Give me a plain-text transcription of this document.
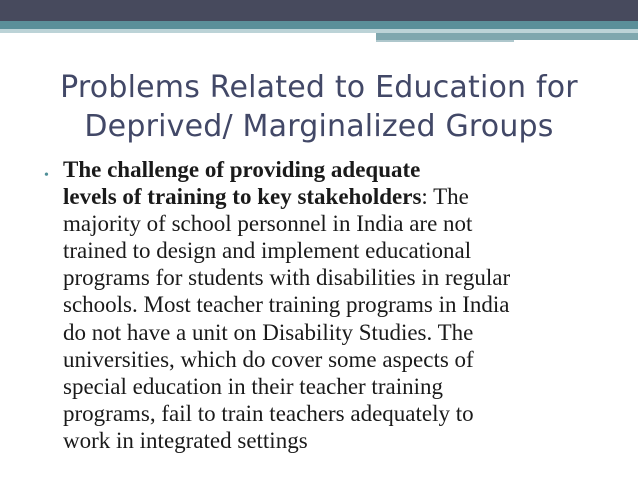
Problems Related to Education for
Deprived/ Marginalized Groups
• The challenge of providing adequate
levels of training to key stakeholders: The
majority of school personnel in India are not
trained to design and implement educational
programs for students with disabilities in regular
schools. Most teacher training programs in India
do not have a unit on Disability Studies. The
universities, which do cover some aspects of
special education in their teacher training
programs, fail to train teachers adequately to
work in integrated settings
